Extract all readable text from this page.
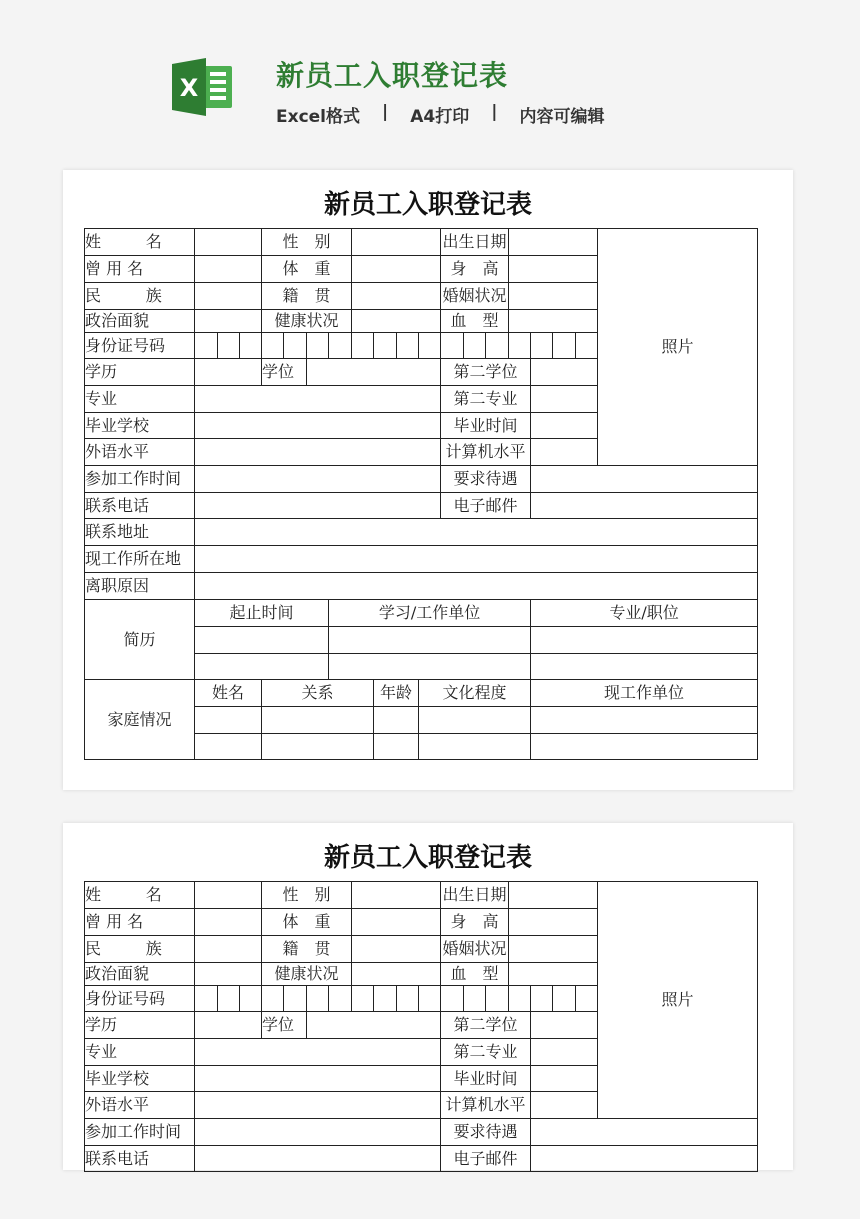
X	新员工入职登记表
Excel格式 | A4打印 | 内容可编辑
新员工入职登记表
姓　名				性　别								出生日期							照片
曾 用 名				体　重								身　高							
民　族				籍　贯								婚姻状况							
政治面貌				健康状况								血　型							
身份证号码																			
学历				学位								第二学位							
专业												第二专业							
毕业学校												毕业时间							
外语水平												计算机水平							
参加工作时间												要求待遇							
联系电话												电子邮件							
联系地址																			
现工作所在地																			
离职原因																			
简历	起止时间						学习/工作单位									专业/职位			

家庭情况	姓名			关系					年龄		文化程度					现工作单位			

新员工入职登记表
姓　名				性　别								出生日期							照片
曾 用 名				体　重								身　高							
民　族				籍　贯								婚姻状况							
政治面貌				健康状况								血　型							
身份证号码																			
学历				学位								第二学位							
专业												第二专业							
毕业学校												毕业时间							
外语水平												计算机水平							
参加工作时间												要求待遇							
联系电话												电子邮件							
